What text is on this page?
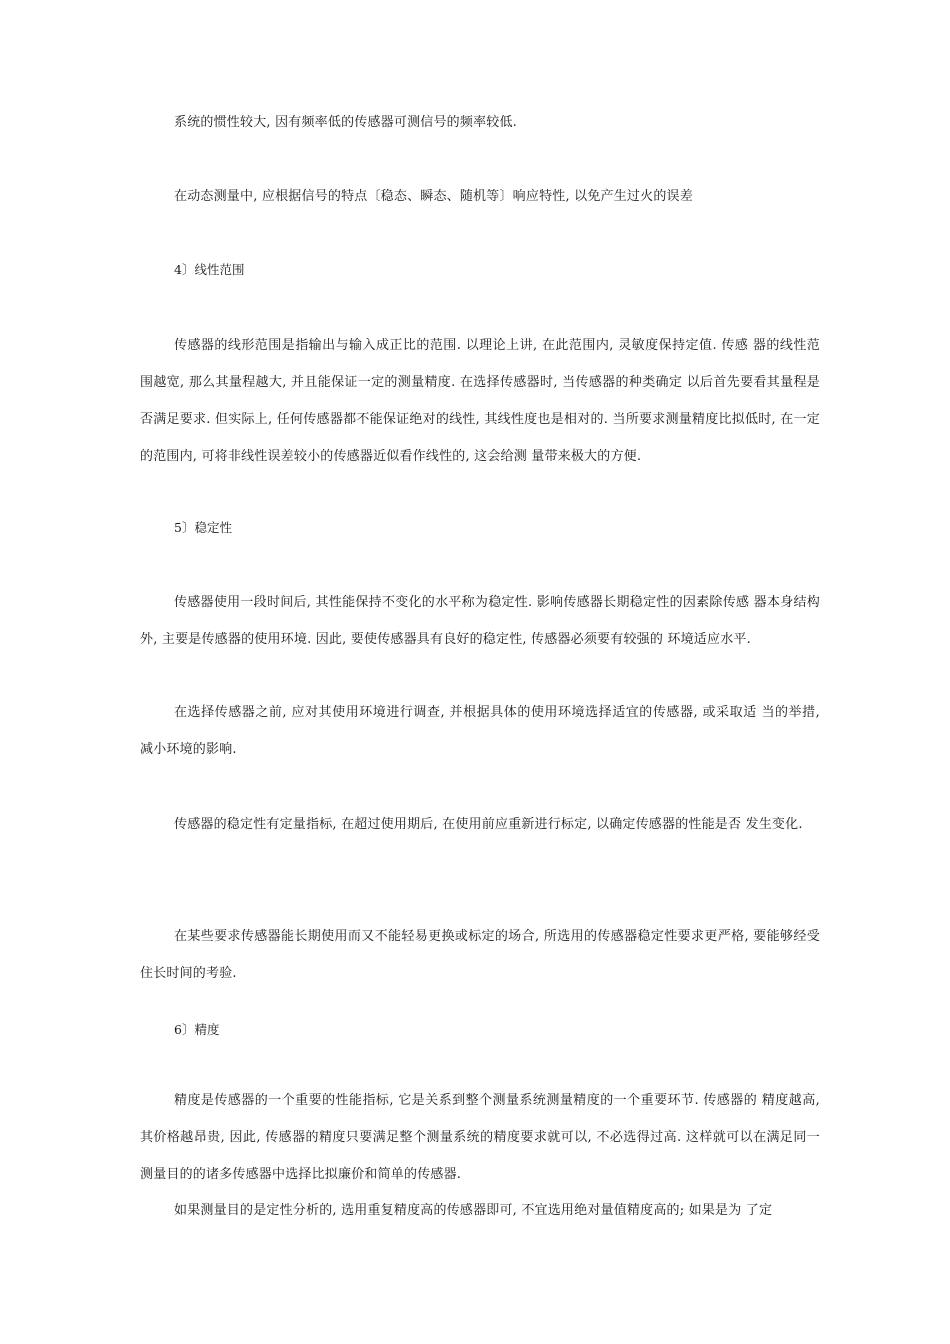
系统的惯性较大, 因有频率低的传感器可测信号的频率较低.

在动态测量中, 应根据信号的特点〔稳态、瞬态、随机等〕响应特性, 以免产生过火的误差

4〕线性范围

传感器的线形范围是指输出与输入成正比的范围. 以理论上讲, 在此范围内, 灵敏度保持定值. 传感 器的线性范围越宽, 那么其量程越大, 并且能保证一定的测量精度. 在选择传感器时, 当传感器的种类确定 以后首先要看其量程是否满足要求. 但实际上, 任何传感器都不能保证绝对的线性, 其线性度也是相对的. 当所要求测量精度比拟低时, 在一定的范围内, 可将非线性误差较小的传感器近似看作线性的, 这会给测 量带来极大的方便.

5〕稳定性

传感器使用一段时间后, 其性能保持不变化的水平称为稳定性. 影响传感器长期稳定性的因素除传感 器本身结构外, 主要是传感器的使用环境. 因此, 要使传感器具有良好的稳定性, 传感器必须要有较强的 环境适应水平.

在选择传感器之前, 应对其使用环境进行调查, 并根据具体的使用环境选择适宜的传感器, 或采取适 当的举措, 减小环境的影响.

传感器的稳定性有定量指标, 在超过使用期后, 在使用前应重新进行标定, 以确定传感器的性能是否 发生变化.

在某些要求传感器能长期使用而又不能轻易更换或标定的场合, 所选用的传感器稳定性要求更严格, 要能够经受住长时间的考验.

6〕精度

精度是传感器的一个重要的性能指标, 它是关系到整个测量系统测量精度的一个重要环节. 传感器的 精度越高, 其价格越昂贵, 因此, 传感器的精度只要满足整个测量系统的精度要求就可以, 不必选得过高. 这样就可以在满足同一测量目的的诸多传感器中选择比拟廉价和简单的传感器.

如果测量目的是定性分析的, 选用重复精度高的传感器即可, 不宜选用绝对量值精度高的; 如果是为 了定
